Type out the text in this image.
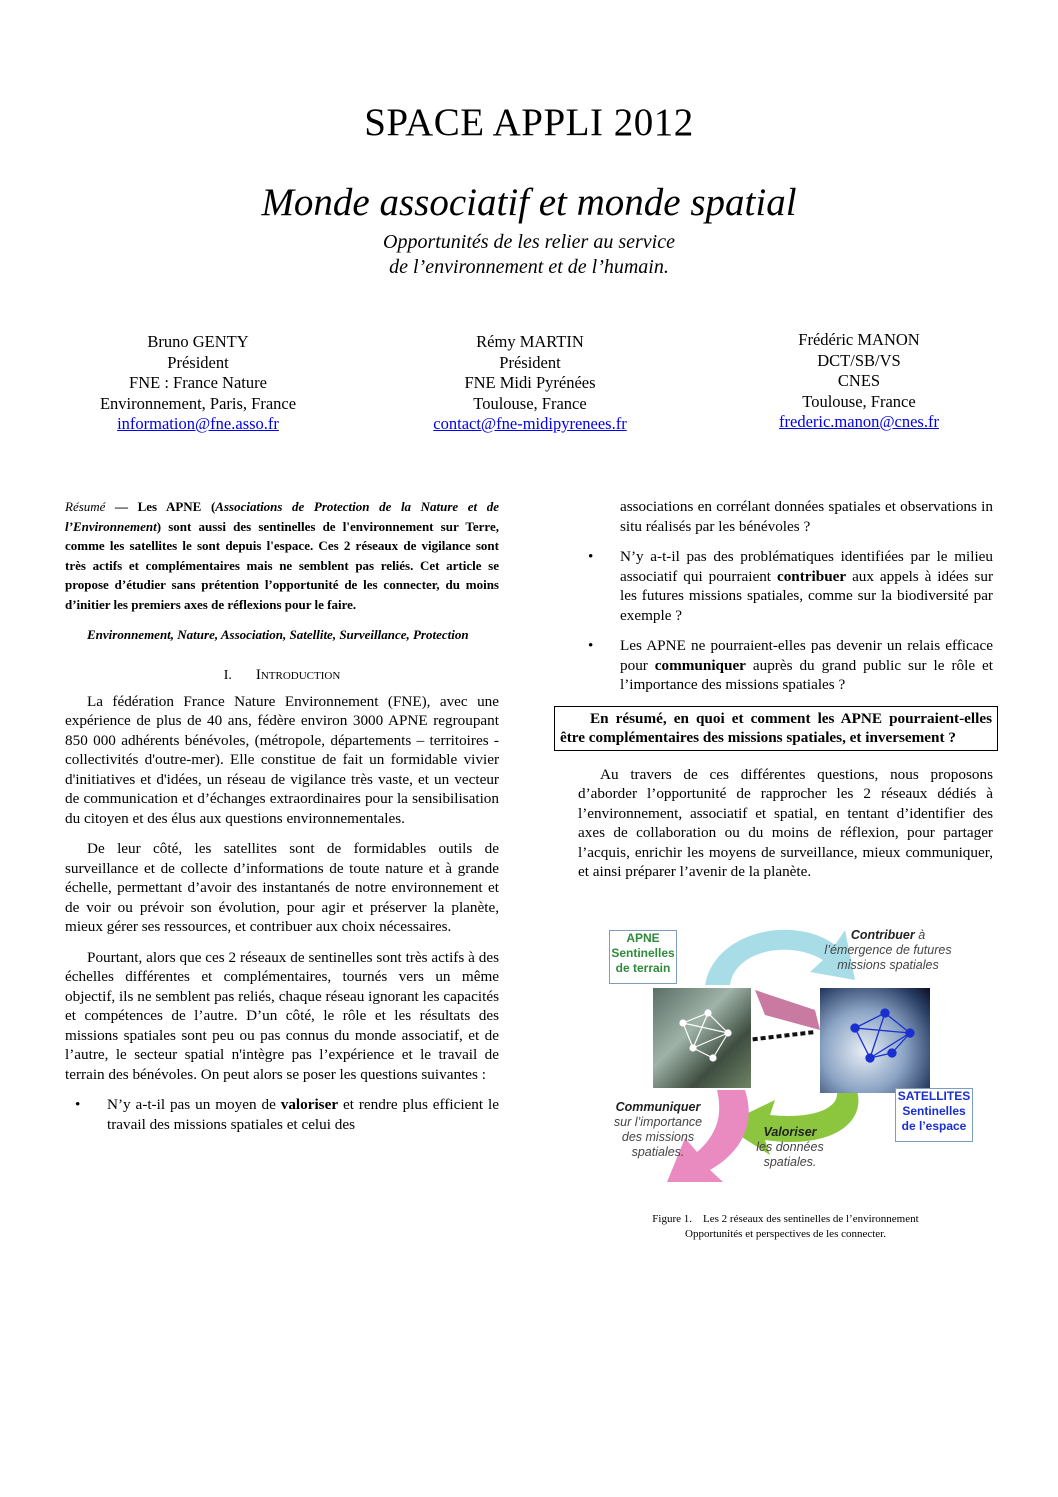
SPACE APPLI 2012
Monde associatif et monde spatial
Opportunités de les relier au service
de l’environnement et de l’humain.
Bruno GENTY
Président
FNE : France Nature
Environnement, Paris, France
information@fne.asso.fr
Rémy MARTIN
Président
FNE Midi Pyrénées
Toulouse, France
contact@fne-midipyrenees.fr
Frédéric MANON
DCT/SB/VS
CNES
Toulouse, France
frederic.manon@cnes.fr

Résumé — Les APNE (Associations de Protection de la Nature et de l’Environnement) sont aussi des sentinelles de l'environnement sur Terre, comme les satellites le sont depuis l'espace. Ces 2 réseaux de vigilance sont très actifs et complémentaires mais ne semblent pas reliés. Cet article se propose d’étudier sans prétention l’opportunité de les connecter, du moins d’initier les premiers axes de réflexions pour le faire.

Environnement, Nature, Association, Satellite, Surveillance, Protection

I. Introduction

La fédération France Nature Environnement (FNE), avec une expérience de plus de 40 ans, fédère environ 3000 APNE regroupant 850 000 adhérents bénévoles, (métropole, départements – territoires - collectivités d'outre-mer). Elle constitue de fait un formidable vivier d'initiatives et d'idées, un réseau de vigilance très vaste, et un vecteur de communication et d’échanges extraordinaires pour la sensibilisation du citoyen et des élus aux questions environnementales.

De leur côté, les satellites sont de formidables outils de surveillance et de collecte d’informations de toute nature et à grande échelle, permettant d’avoir des instantanés de notre environnement et de voir ou prévoir son évolution, pour agir et préserver la planète, mieux gérer ses ressources, et contribuer aux choix nécessaires.

Pourtant, alors que ces 2 réseaux de sentinelles sont très actifs à des échelles différentes et complémentaires, tournés vers un même objectif, ils ne semblent pas reliés, chaque réseau ignorant les capacités et compétences de l’autre. D’un côté, le rôle et les résultats des missions spatiales sont peu ou pas connus du monde associatif, et de l’autre, le secteur spatial n'intègre pas l’expérience et le travail de terrain des bénévoles. On peut alors se poser les questions suivantes :

• N’y a-t-il pas un moyen de valoriser et rendre plus efficient le travail des missions spatiales et celui des

associations en corrélant données spatiales et observations in situ réalisés par les bénévoles ?

• N’y a-t-il pas des problématiques identifiées par le milieu associatif qui pourraient contribuer aux appels à idées sur les futures missions spatiales, comme sur la biodiversité par exemple ?
• Les APNE ne pourraient-elles pas devenir un relais efficace pour communiquer auprès du grand public sur le rôle et l’importance des missions spatiales ?

En résumé, en quoi et comment les APNE pourraient-elles être complémentaires des missions spatiales, et inversement ?

Au travers de ces différentes questions, nous proposons d’aborder l’opportunité de rapprocher les 2 réseaux dédiés à l’environnement, associatif et spatial, en tentant d’identifier des axes de collaboration ou du moins de réflexion, pour partager l’acquis, enrichir les moyens de surveillance, mieux communiquer, et ainsi préparer l’avenir de la planète.

APNE
Sentinelles
de terrain
SATELLITES
Sentinelles
de l’espace
Contribuer à
l’émergence de futures
missions spatiales
Communiquer
sur l’importance
des missions
spatiales.
Valoriser
les données
spatiales.
Figure 1. Les 2 réseaux des sentinelles de l’environnement
Opportunités et perspectives de les connecter.
